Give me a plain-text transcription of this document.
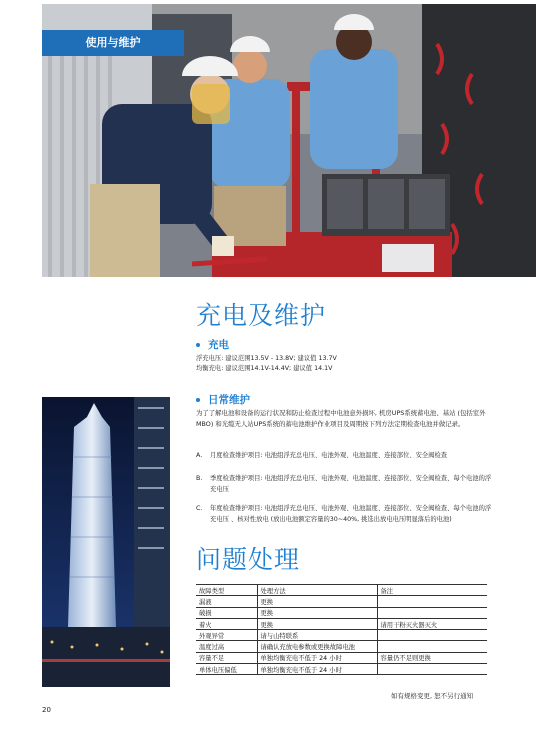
使用与维护
充电及维护
充电
浮充电压: 建议范围13.5V - 13.8V; 建议值 13.7V
均衡充电: 建议范围14.1V-14.4V; 建议值 14.1V
日常维护
为了了解电池和设备的运行状况和防止检查过程中电池意外损坏, 机房UPS系统蓄电池、基站 (包括室外MBO) 和光缆无人站UPS系统的蓄电池维护作业项目及周期按下列方法定期检查电池并做记录。
A.	月度检查维护项目: 电池组浮充总电压、电池外观、电池温度、连接部位、安全阀检查
B.	季度检查维护项目: 电池组浮充总电压、电池外观、电池温度、连接部位、安全阀检查、每个电池的浮充电压
C.	年度检查维护项目: 电池组浮充总电压、电池外观、电池温度、连接部位、安全阀检查、每个电池的浮充电压 、核对性放电 (放出电池额定容量的30~40%, 挑选出放电电压明显落后的电池)
问题处理
故障类型	处理方法	备注
漏液	更换	
破损	更换	
着火	更换	请用干粉灭火器灭火
外观异常	请与山特联系	
温度过高	请确认充放电参数或更换故障电池	
容量不足	单独均衡充电不低于 24 小时	容量仍不足则更换
单体电压偏低	单独均衡充电不低于 24 小时	
如有规格变更, 恕不另行通知
20
